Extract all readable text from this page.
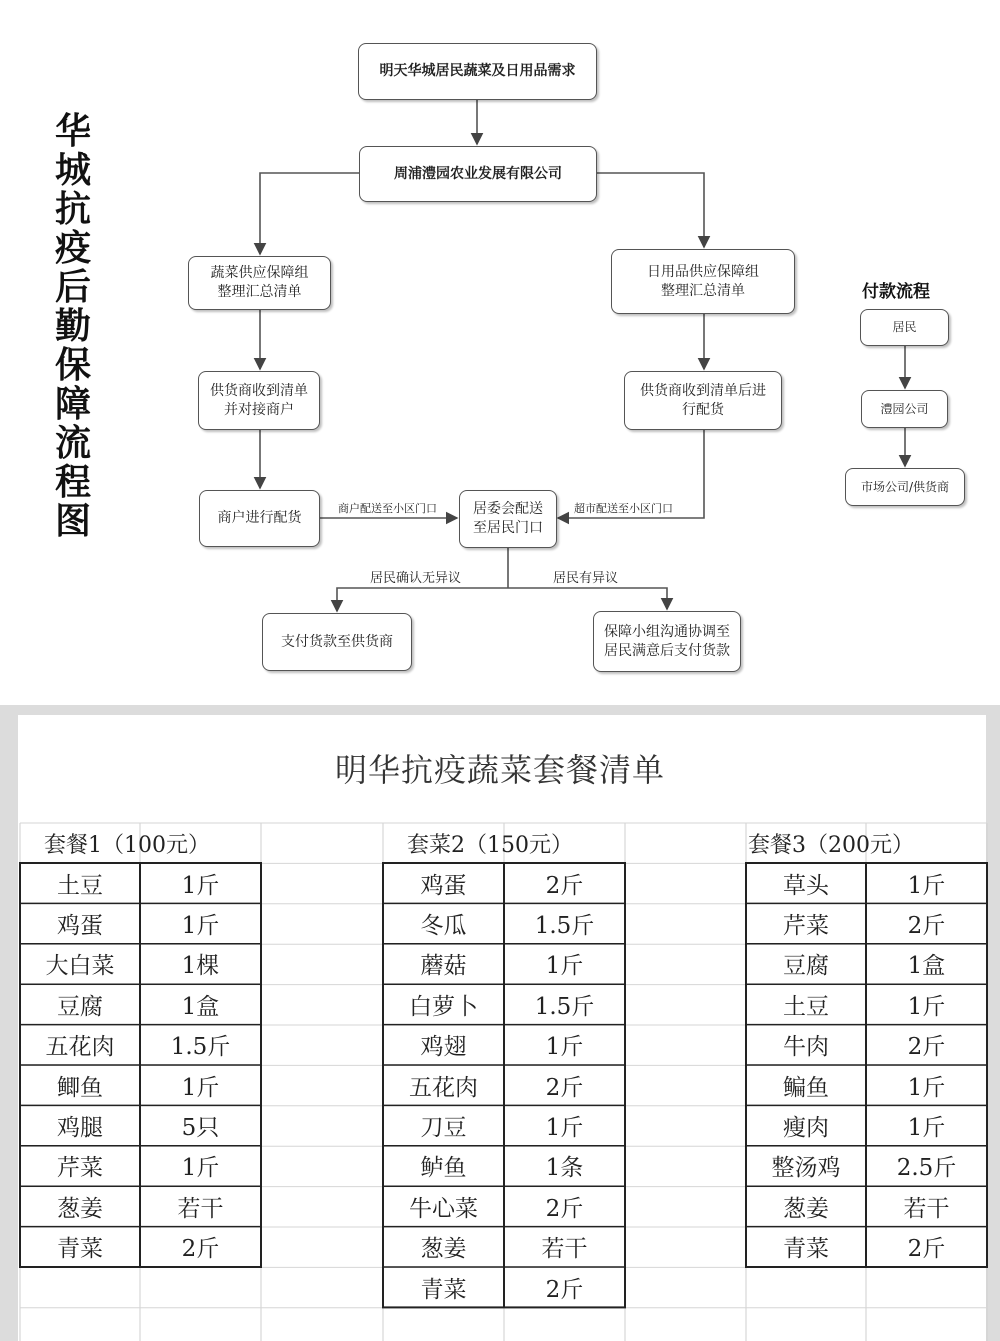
华
城
抗
疫
后
勤
保
障
流
程
图
明天华城居民蔬菜及日用品需求
周浦澧园农业发展有限公司
蔬菜供应保障组
整理汇总清单
日用品供应保障组
整理汇总清单
供货商收到清单
并对接商户
供货商收到清单后进
行配货
商户进行配货
居委会配送
至居民门口
商户配送至小区门口	超市配送至小区门口
居民确认无异议	居民有异议
支付货款至供货商
保障小组沟通协调至
居民满意后支付货款
付款流程
居民
澧园公司
市场公司/供货商
明华抗疫蔬菜套餐清单
套餐1（100元）	套菜2（150元）	套餐3（200元）
土豆	1斤
鸡蛋	1斤
大白菜	1棵
豆腐	1盒
五花肉	1.5斤
鲫鱼	1斤
鸡腿	5只
芹菜	1斤
葱姜	若干
青菜	2斤
鸡蛋	2斤
冬瓜	1.5斤
蘑菇	1斤
白萝卜	1.5斤
鸡翅	1斤
五花肉	2斤
刀豆	1斤
鲈鱼	1条
牛心菜	2斤
葱姜	若干
青菜	2斤
草头	1斤
芹菜	2斤
豆腐	1盒
土豆	1斤
牛肉	2斤
鳊鱼	1斤
瘦肉	1斤
整汤鸡	2.5斤
葱姜	若干
青菜	2斤
